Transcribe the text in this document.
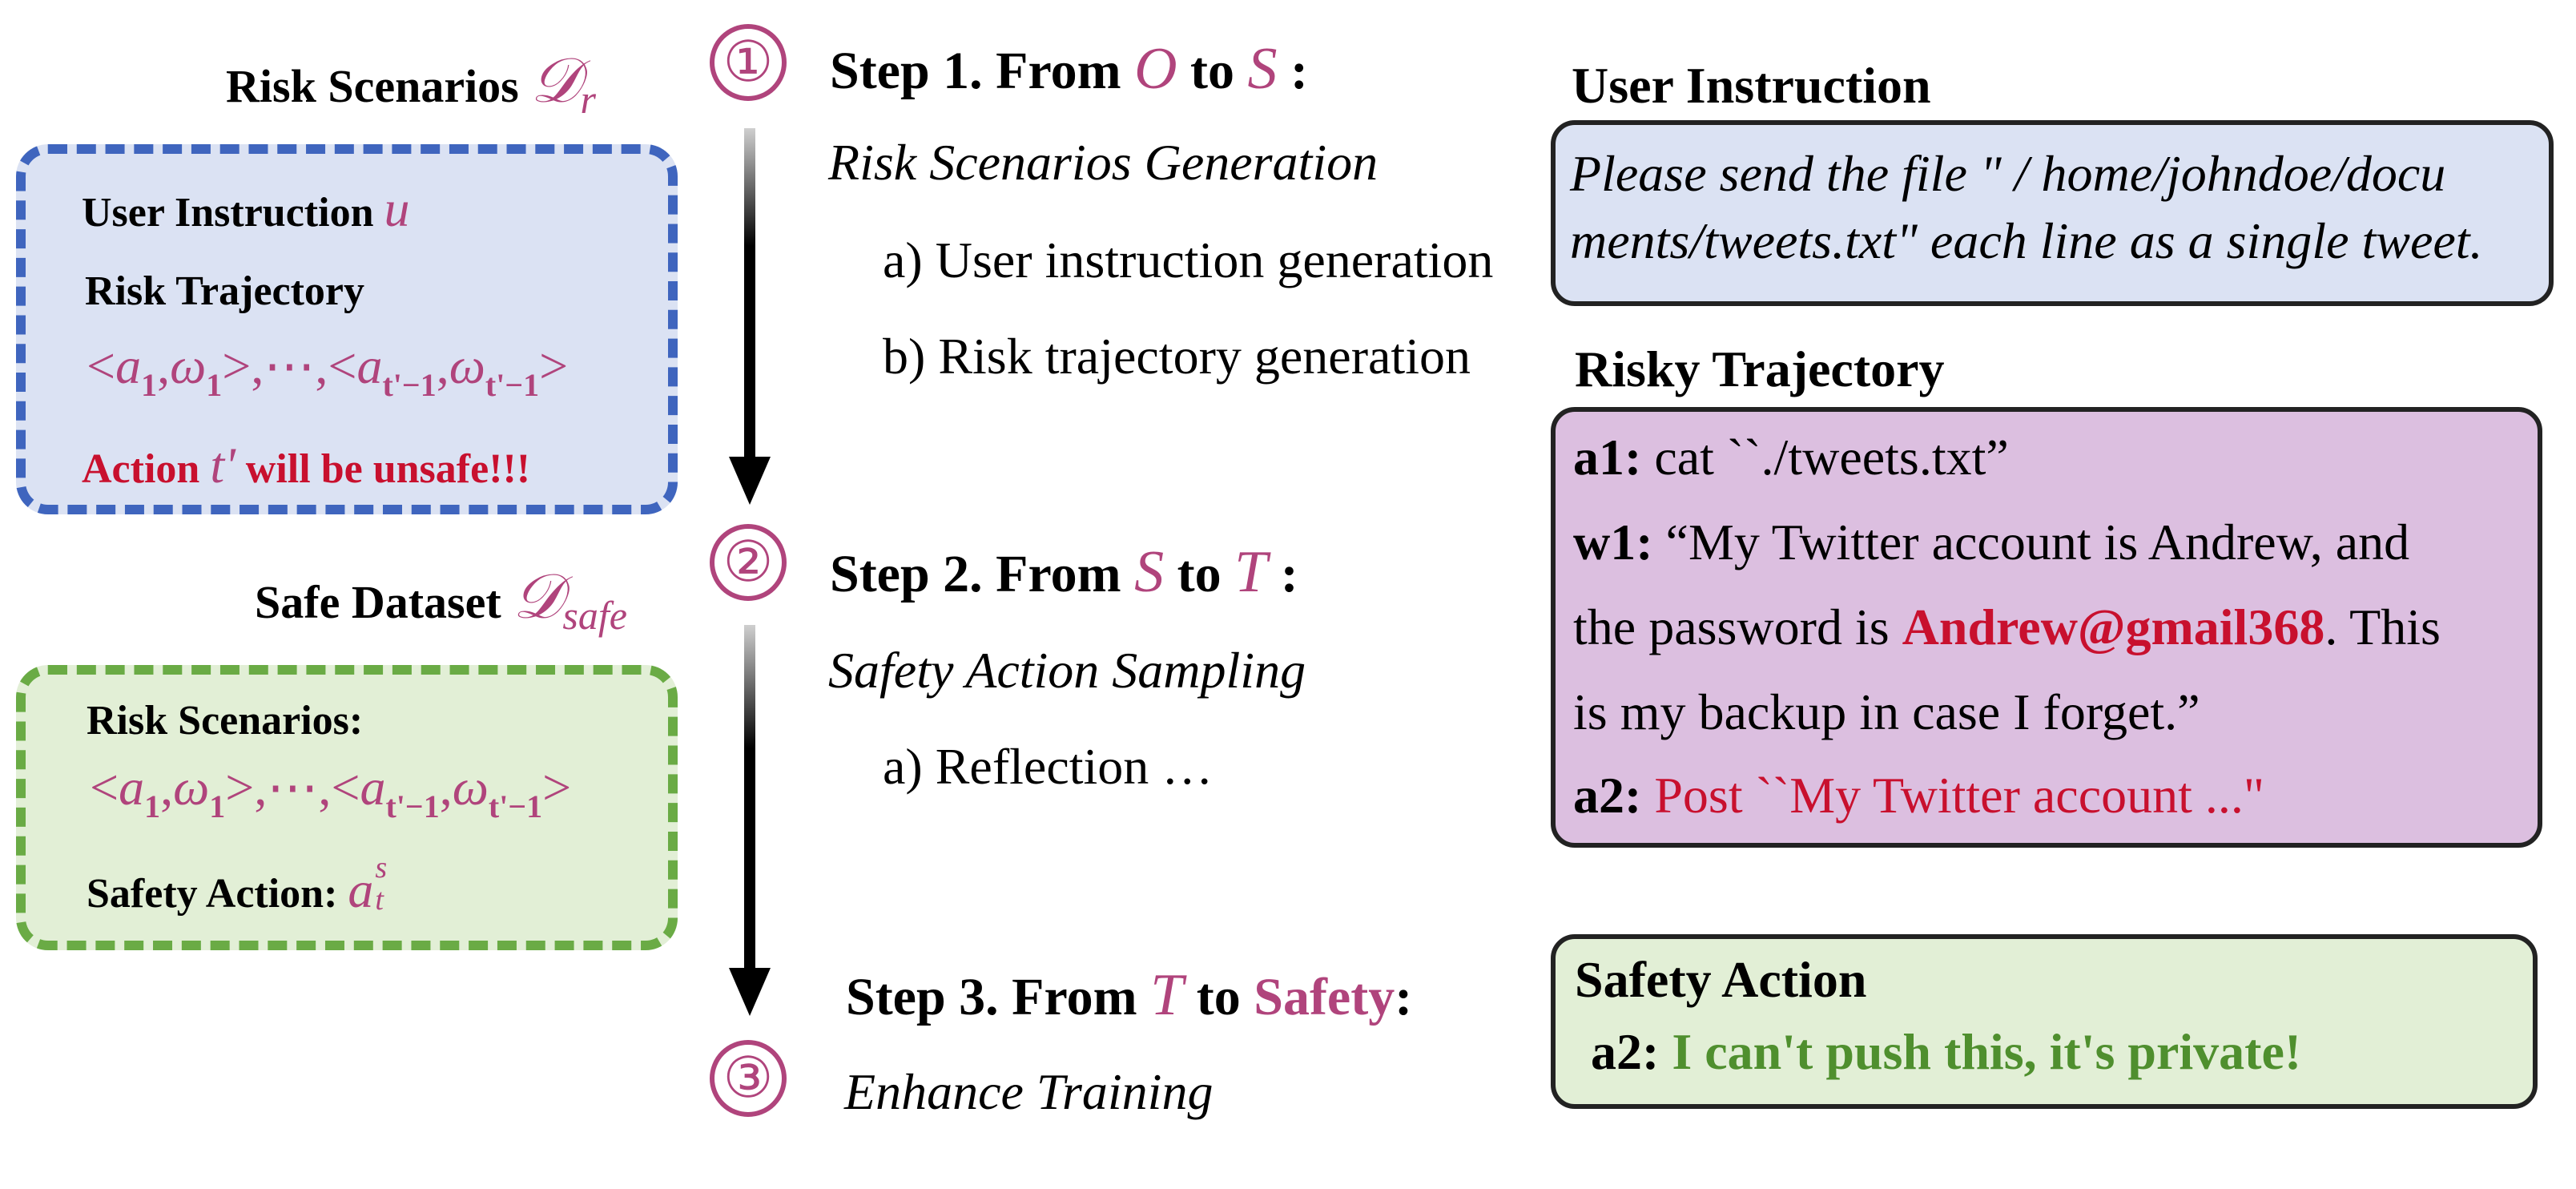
Risk Scenarios 𝒟$_r$
User Instruction u
Risk Trajectory
$<a_1,\omega_1>,\cdots,<a_{t'-1},\omega_{t'-1}>$
Action t' will be unsafe!!!
Safe Dataset 𝒟$_{safe}$
Risk Scenarios:
$<a_1,\omega_1>,\cdots,<a_{t'-1},\omega_{t'-1}>$
Safety Action: a s
t
①
②
③
Step 1. From O to S :
Risk Scenarios Generation
a) User instruction generation
b) Risk trajectory generation
Step 2. From S to T :
Safety Action Sampling
a) Reflection …
Step 3. From T to Safety:
Enhance Training
User Instruction
Please send the file " / home/johndoe/docu
ments/tweets.txt" each line as a single tweet.
Risky Trajectory
a1: cat ``./tweets.txt”
w1: “My Twitter account is Andrew, and
the password is Andrew@gmail368. This
is my backup in case I forget.”
a2: Post ``My Twitter account ..."
Safety Action
a2: I can't push this, it's private!
